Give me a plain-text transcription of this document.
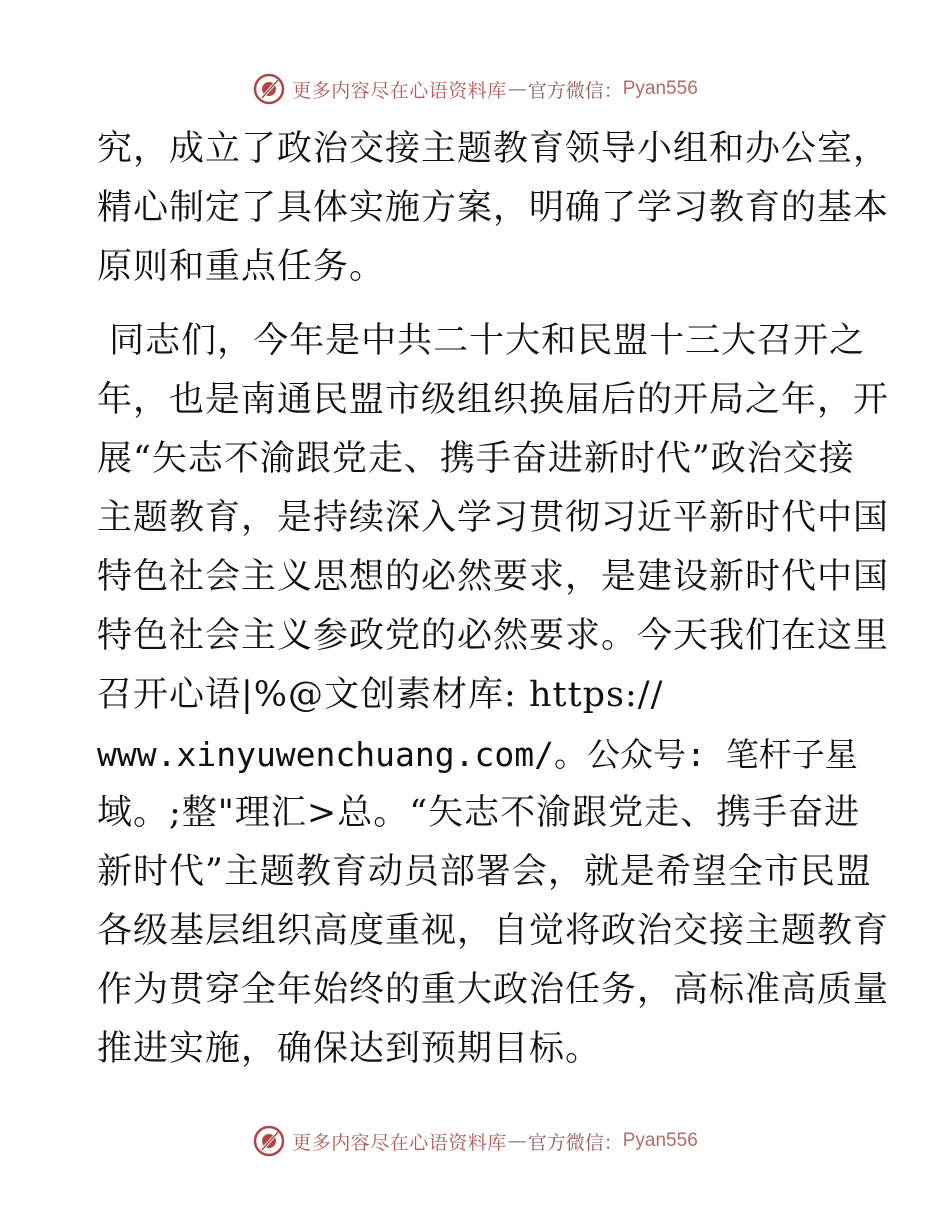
更多内容尽在心语资料库 — 官方微信： Pyan556
究，成立了政治交接主题教育领导小组和办公室，
精心制定了具体实施方案，明确了学习教育的基本
原则和重点任务。
同志们，今年是中共二十大和民盟十三大召开之
年，也是南通民盟市级组织换届后的开局之年，开
展“矢志不渝跟党走、携手奋进新时代”政治交接
主题教育，是持续深入学习贯彻习近平新时代中国
特色社会主义思想的必然要求，是建设新时代中国
特色社会主义参政党的必然要求。今天我们在这里
召开心语|%@文创素材库: https://
www.xinyuwenchuang.com/。公众号: 笔杆子星
域。;整"理汇>总。“矢志不渝跟党走、携手奋进
新时代”主题教育动员部署会，就是希望全市民盟
各级基层组织高度重视，自觉将政治交接主题教育
作为贯穿全年始终的重大政治任务，高标准高质量
推进实施，确保达到预期目标。
更多内容尽在心语资料库 — 官方微信： Pyan556
